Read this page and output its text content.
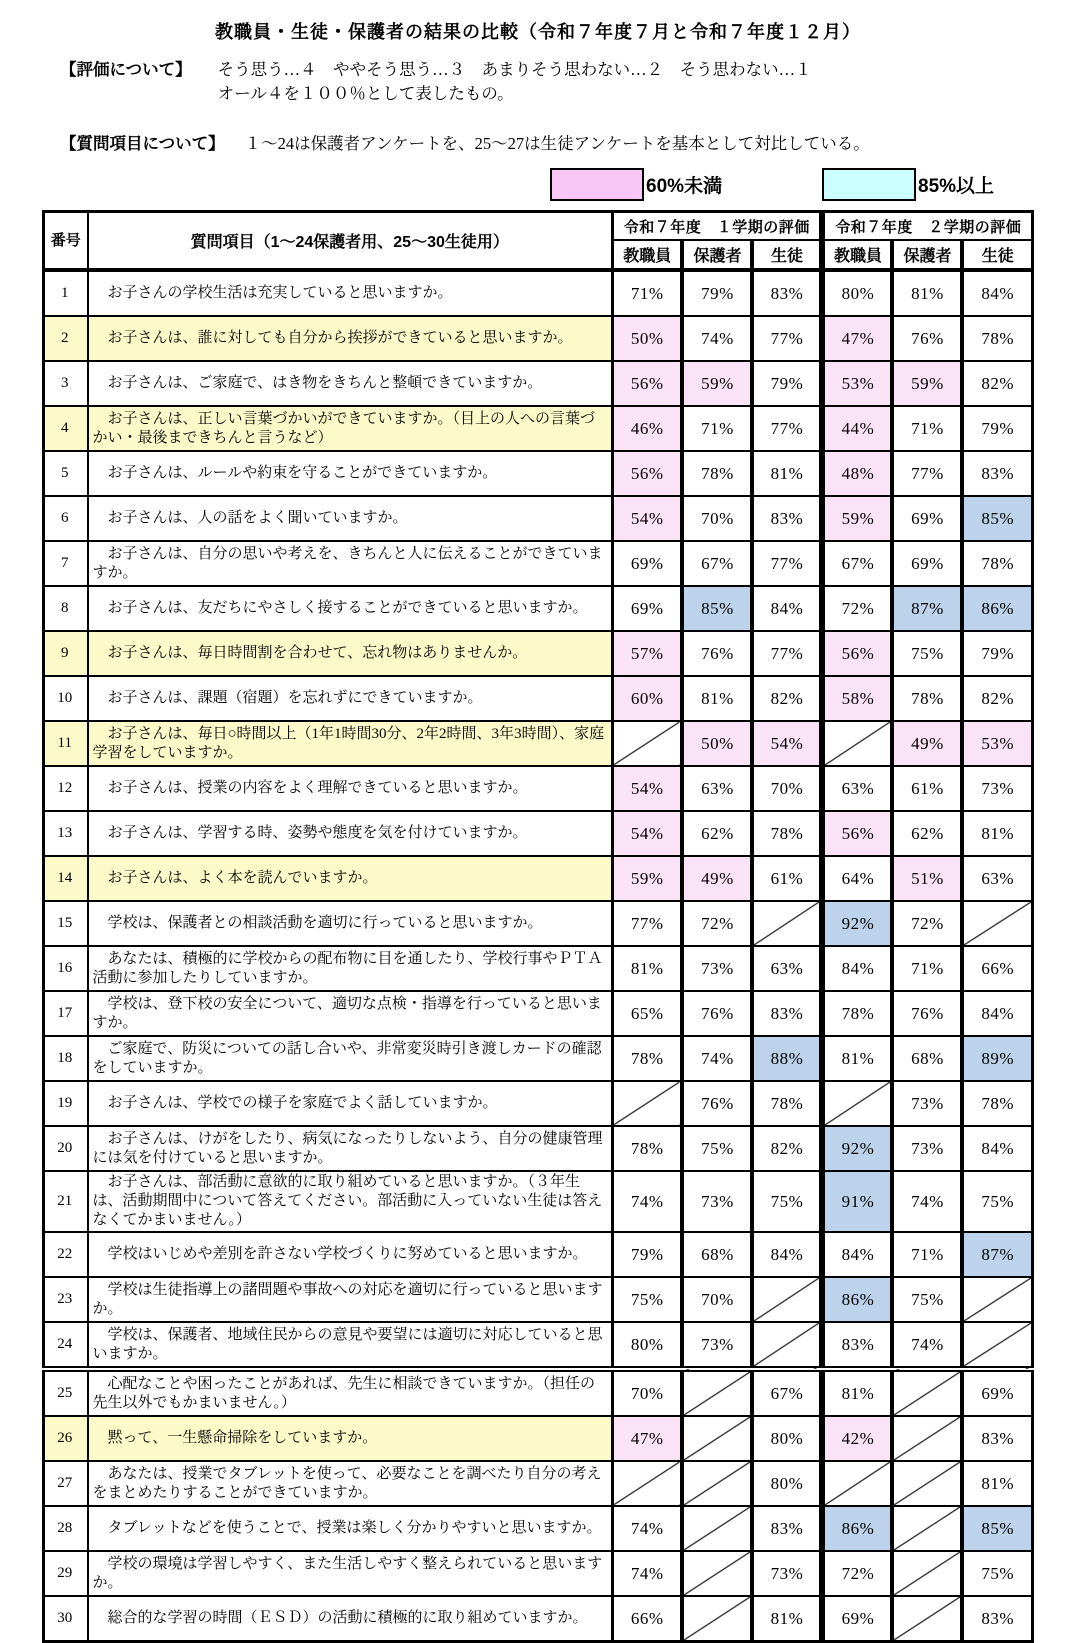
教職員・生徒・保護者の結果の比較（令和７年度７月と令和７年度１２月）
【評価について】 そう思う…４　ややそう思う…３　あまりそう思わない…２　そう思わない…１
オール４を１００％として表したもの。
【質問項目について】 １～24は保護者アンケートを、25～27は生徒アンケートを基本として対比している。
60%未満	85%以上
番号	質問項目（1～24保護者用、25～30生徒用）	令和７年度　１学期の評価			令和７年度　２学期の評価		
		教職員	保護者	生徒	教職員	保護者	生徒
1	お子さんの学校生活は充実していると思いますか。	71%	79%	83%	80%	81%	84%
2	お子さんは、誰に対しても自分から挨拶ができていると思いますか。	50%	74%	77%	47%	76%	78%
3	お子さんは、ご家庭で、はき物をきちんと整頓できていますか。	56%	59%	79%	53%	59%	82%
4	お子さんは、正しい言葉づかいができていますか。（目上の人への言葉づかい・最後まできちんと言うなど）	46%	71%	77%	44%	71%	79%
5	お子さんは、ルールや約束を守ることができていますか。	56%	78%	81%	48%	77%	83%
6	お子さんは、人の話をよく聞いていますか。	54%	70%	83%	59%	69%	85%
7	お子さんは、自分の思いや考えを、きちんと人に伝えることができていますか。	69%	67%	77%	67%	69%	78%
8	お子さんは、友だちにやさしく接することができていると思いますか。	69%	85%	84%	72%	87%	86%
9	お子さんは、毎日時間割を合わせて、忘れ物はありませんか。	57%	76%	77%	56%	75%	79%
10	お子さんは、課題（宿題）を忘れずにできていますか。	60%	81%	82%	58%	78%	82%
11	お子さんは、毎日○時間以上（1年1時間30分、2年2時間、3年3時間）、家庭学習をしていますか。		50%	54%		49%	53%
12	お子さんは、授業の内容をよく理解できていると思いますか。	54%	63%	70%	63%	61%	73%
13	お子さんは、学習する時、姿勢や態度を気を付けていますか。	54%	62%	78%	56%	62%	81%
14	お子さんは、よく本を読んでいますか。	59%	49%	61%	64%	51%	63%
15	学校は、保護者との相談活動を適切に行っていると思いますか。	77%	72%		92%	72%	
16	あなたは、積極的に学校からの配布物に目を通したり、学校行事やＰＴＡ活動に参加したりしていますか。	81%	73%	63%	84%	71%	66%
17	学校は、登下校の安全について、適切な点検・指導を行っていると思いますか。	65%	76%	83%	78%	76%	84%
18	ご家庭で、防災についての話し合いや、非常変災時引き渡しカードの確認をしていますか。	78%	74%	88%	81%	68%	89%
19	お子さんは、学校での様子を家庭でよく話していますか。		76%	78%		73%	78%
20	お子さんは、けがをしたり、病気になったりしないよう、自分の健康管理には気を付けていると思いますか。	78%	75%	82%	92%	73%	84%
21	お子さんは、部活動に意欲的に取り組めていると思いますか。（３年生は、活動期間中について答えてください。部活動に入っていない生徒は答えなくてかまいません。）	74%	73%	75%	91%	74%	75%
22	学校はいじめや差別を許さない学校づくりに努めていると思いますか。	79%	68%	84%	84%	71%	87%
23	学校は生徒指導上の諸問題や事故への対応を適切に行っていると思いますか。	75%	70%		86%	75%	
24	学校は、保護者、地域住民からの意見や要望には適切に対応していると思いますか。	80%	73%		83%	74%	
25	心配なことや困ったことがあれば、先生に相談できていますか。（担任の先生以外でもかまいません。）	70%		67%	81%		69%
26	黙って、一生懸命掃除をしていますか。	47%		80%	42%		83%
27	あなたは、授業でタブレットを使って、必要なことを調べたり自分の考えをまとめたりすることができていますか。			80%			81%
28	タブレットなどを使うことで、授業は楽しく分かりやすいと思いますか。	74%		83%	86%		85%
29	学校の環境は学習しやすく、また生活しやすく整えられていると思いますか。	74%		73%	72%		75%
30	総合的な学習の時間（ＥＳＤ）の活動に積極的に取り組めていますか。	66%		81%	69%		83%
